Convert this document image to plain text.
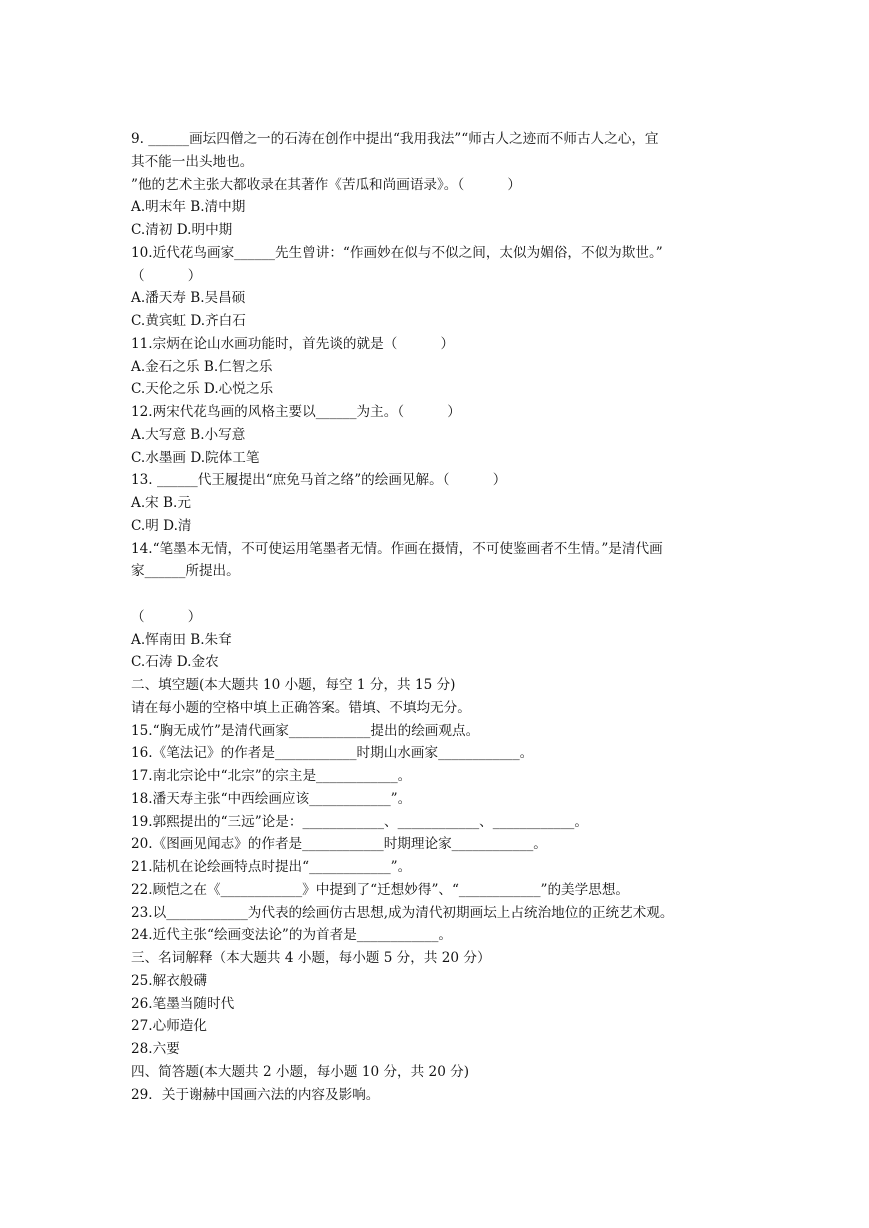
9. ______画坛四僧之一的石涛在创作中提出“我用我法”“师古人之迹而不师古人之心，宜
其不能一出头地也。
”他的艺术主张大都收录在其著作《苦瓜和尚画语录》。（          ）
A.明末年 B.清中期
C.清初 D.明中期
10.近代花鸟画家______先生曾讲：“作画妙在似与不似之间，太似为媚俗，不似为欺世。”
（          ）
A.潘天寿 B.吴昌硕
C.黄宾虹 D.齐白石
11.宗炳在论山水画功能时，首先谈的就是（          ）
A.金石之乐 B.仁智之乐
C.天伦之乐 D.心悦之乐
12.两宋代花鸟画的风格主要以______为主。（          ）
A.大写意 B.小写意
C.水墨画 D.院体工笔
13. ______代王履提出“庶免马首之络”的绘画见解。（          ）
A.宋 B.元
C.明 D.清
14.“笔墨本无情，不可使运用笔墨者无情。作画在摄情，不可使鉴画者不生情。”是清代画
家______所提出。
（          ）
A.恽南田 B.朱耷
C.石涛 D.金农
二、填空题(本大题共 10 小题，每空 1 分，共 15 分)
请在每小题的空格中填上正确答案。错填、不填均无分。
15.“胸无成竹”是清代画家____________提出的绘画观点。
16.《笔法记》的作者是____________时期山水画家____________。
17.南北宗论中“北宗”的宗主是____________。
18.潘天寿主张“中西绘画应该____________”。
19.郭熙提出的“三远”论是：____________、____________、____________。
20.《图画见闻志》的作者是____________时期理论家____________。
21.陆机在论绘画特点时提出“____________”。
22.顾恺之在《____________》中提到了“迁想妙得”、“____________”的美学思想。
23.以____________为代表的绘画仿古思想,成为清代初期画坛上占统治地位的正统艺术观。
24.近代主张“绘画变法论”的为首者是____________。
三、名词解释（本大题共 4 小题，每小题 5 分，共 20 分）
25.解衣般礴
26.笔墨当随时代
27.心师造化
28.六要
四、简答题(本大题共 2 小题，每小题 10 分，共 20 分)
29．关于谢赫中国画六法的内容及影响。
